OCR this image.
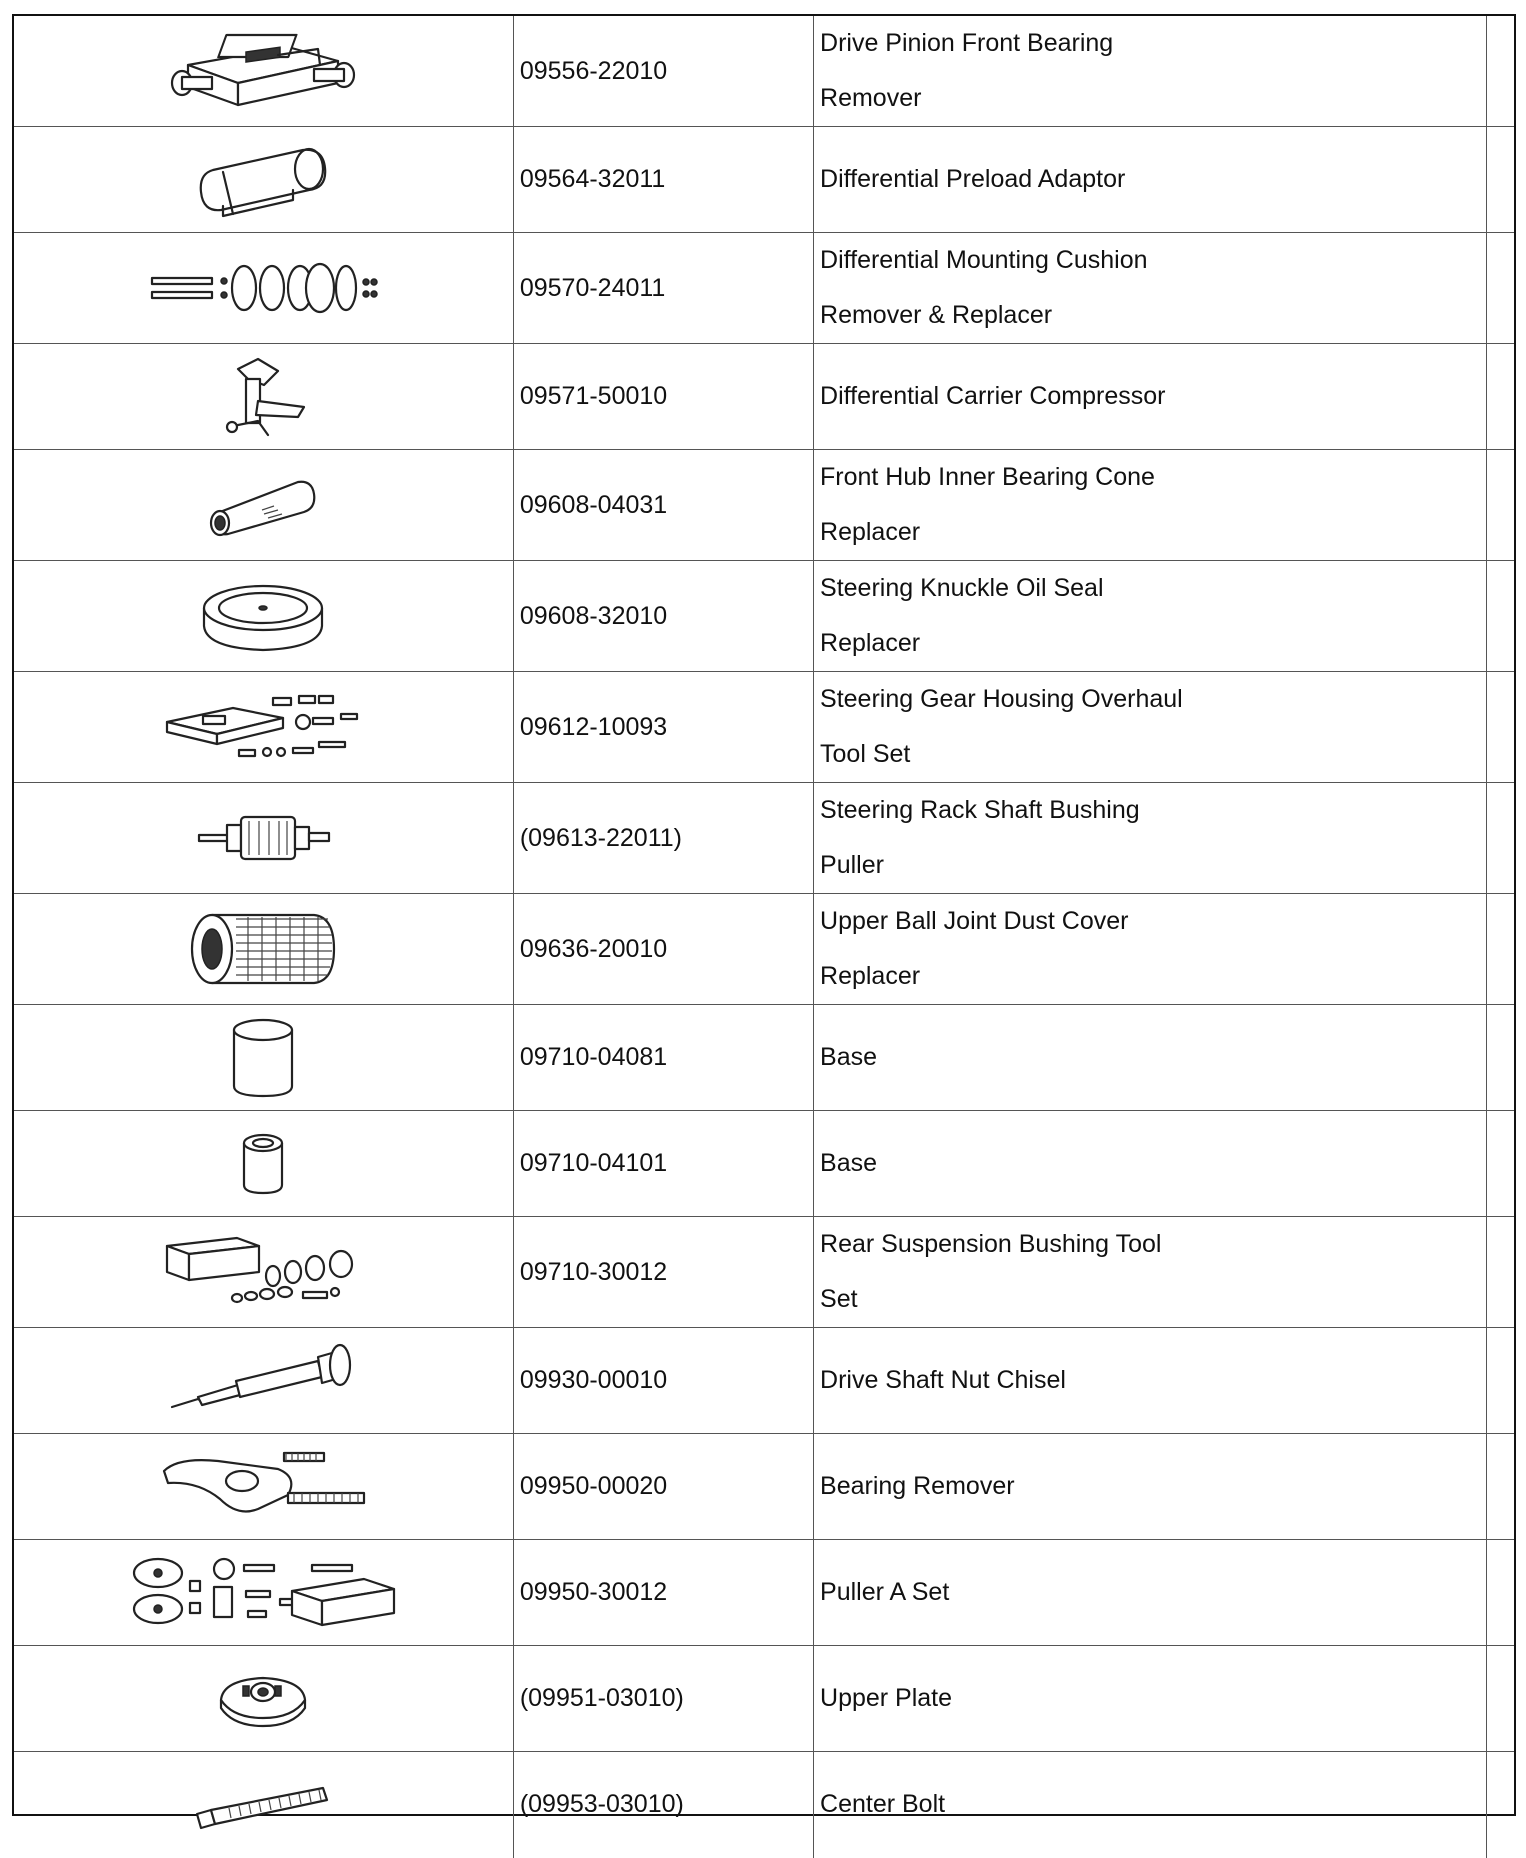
	09556-22010	Drive Pinion Front Bearing
Remover	

	09564-32011	Differential Preload Adaptor	

	09570-24011	Differential Mounting Cushion
Remover & Replacer	

	09571-50010	Differential Carrier Compressor	

	09608-04031	Front Hub Inner Bearing Cone
Replacer	

	09608-32010	Steering Knuckle Oil Seal
Replacer	

	09612-10093	Steering Gear Housing Overhaul
Tool Set	

	(09613-22011)	Steering Rack Shaft Bushing
Puller	

	09636-20010	Upper Ball Joint Dust Cover
Replacer	

	09710-04081	Base	

	09710-04101	Base	

	09710-30012	Rear Suspension Bushing Tool
Set	

	09930-00010	Drive Shaft Nut Chisel	

	09950-00020	Bearing Remover	

	09950-30012	Puller A Set	

	(09951-03010)	Upper Plate	

	(09953-03010)	Center Bolt	
